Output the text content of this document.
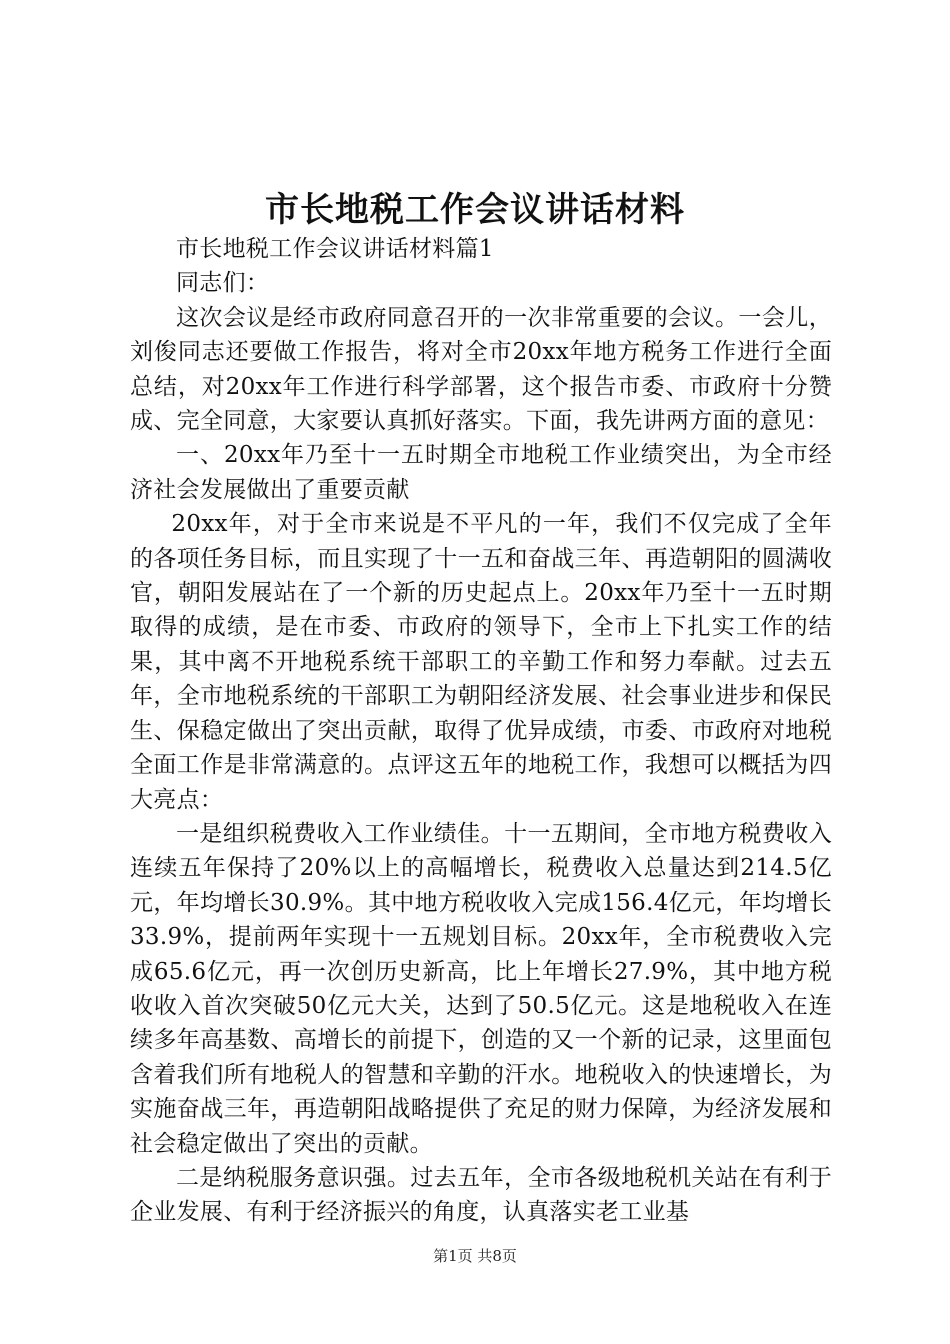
市长地税工作会议讲话材料

市长地税工作会议讲话材料篇1

同志们：

这次会议是经市政府同意召开的一次非常重要的会议。一会儿，刘俊同志还要做工作报告，将对全市20xx年地方税务工作进行全面总结，对20xx年工作进行科学部署，这个报告市委、市政府十分赞成、完全同意，大家要认真抓好落实。下面，我先讲两方面的意见：

一、20xx年乃至十一五时期全市地税工作业绩突出，为全市经济社会发展做出了重要贡献

20xx年，对于全市来说是不平凡的一年，我们不仅完成了全年的各项任务目标，而且实现了十一五和奋战三年、再造朝阳的圆满收官，朝阳发展站在了一个新的历史起点上。20xx年乃至十一五时期取得的成绩，是在市委、市政府的领导下，全市上下扎实工作的结果，其中离不开地税系统干部职工的辛勤工作和努力奉献。过去五年，全市地税系统的干部职工为朝阳经济发展、社会事业进步和保民生、保稳定做出了突出贡献，取得了优异成绩，市委、市政府对地税全面工作是非常满意的。点评这五年的地税工作，我想可以概括为四大亮点：

一是组织税费收入工作业绩佳。十一五期间，全市地方税费收入连续五年保持了20%以上的高幅增长，税费收入总量达到214.5亿元，年均增长30.9%。其中地方税收收入完成156.4亿元，年均增长33.9%，提前两年实现十一五规划目标。20xx年，全市税费收入完成65.6亿元，再一次创历史新高，比上年增长27.9%，其中地方税收收入首次突破50亿元大关，达到了50.5亿元。这是地税收入在连续多年高基数、高增长的前提下，创造的又一个新的记录，这里面包含着我们所有地税人的智慧和辛勤的汗水。地税收入的快速增长，为实施奋战三年，再造朝阳战略提供了充足的财力保障，为经济发展和社会稳定做出了突出的贡献。

二是纳税服务意识强。过去五年，全市各级地税机关站在有利于企业发展、有利于经济振兴的角度，认真落实老工业基

第1页 共8页
